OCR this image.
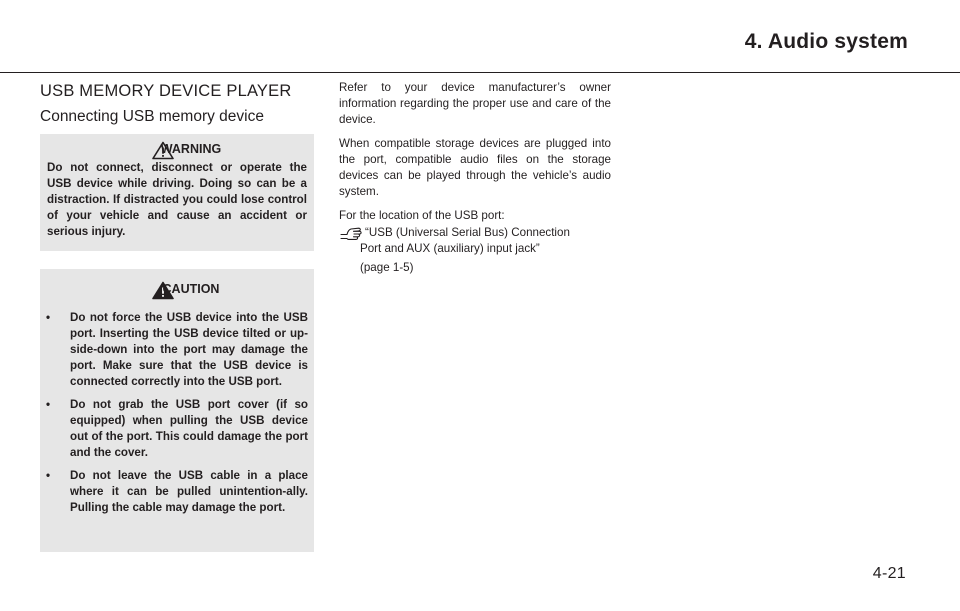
4. Audio system
USB MEMORY DEVICE PLAYER
Connecting USB memory device
WARNING
Do not connect, disconnect or operate the USB device while driving. Doing so can be a distraction. If distracted you could lose control of your vehicle and cause an accident or serious injury.
CAUTION
• Do not force the USB device into the USB port. Inserting the USB device tilted or up-side-down into the port may damage the port. Make sure that the USB device is connected correctly into the USB port.
• Do not grab the USB port cover (if so equipped) when pulling the USB device out of the port. This could damage the port and the cover.
• Do not leave the USB cable in a place where it can be pulled unintention-ally. Pulling the cable may damage the port.

Refer to your device manufacturer’s owner information regarding the proper use and care of the device.

When compatible storage devices are plugged into the port, compatible audio files on the storage devices can be played through the vehicle’s audio system.

For the location of the USB port:

“USB (Universal Serial Bus) Connection
Port and AUX (auxiliary) input jack”
(page 1-5)
4-21
